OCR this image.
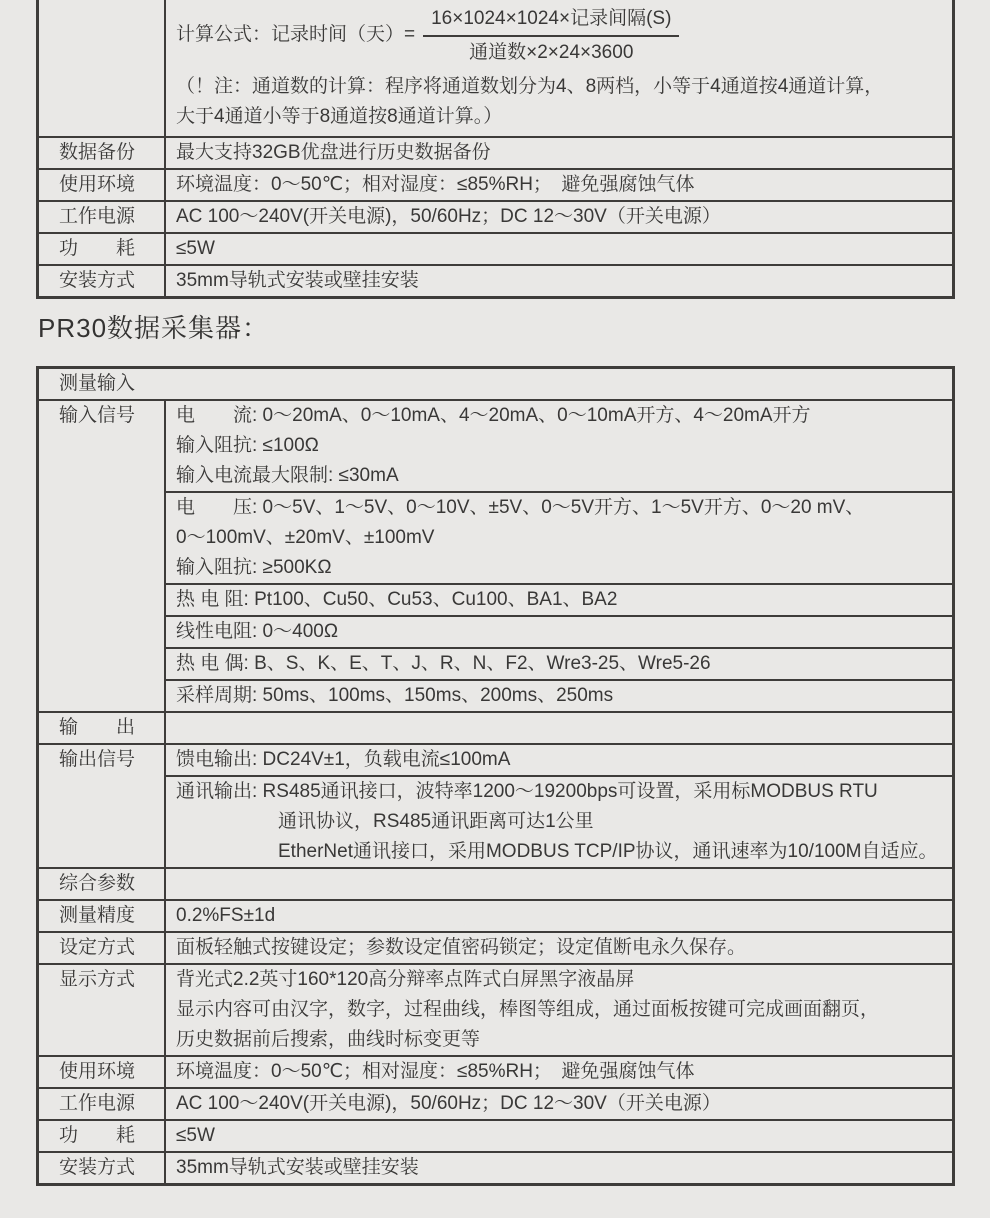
计算公式：记录时间（天）= $\frac{\text{16×1024×1024×记录间隔(S)}}{\text{通道数×2×24×3600}}$
（！注：通道数的计算：程序将通道数划分为4、8两档，小等于4通道按4通道计算，
大于4通道小等于8通道按8通道计算。）
数据备份	最大支持32GB优盘进行历史数据备份
使用环境	环境温度：0～50℃；相对湿度：≤85%RH；　避免强腐蚀气体
工作电源	AC 100～240V(开关电源)，50/60Hz；DC 12～30V（开关电源）
功　　耗	≤5W
安装方式	35mm导轨式安装或壁挂安装
PR30数据采集器：
测量输入
输入信号	电　　流: 0～20mA、0～10mA、4～20mA、0～10mA开方、4～20mA开方
输入阻抗: ≤100Ω
输入电流最大限制: ≤30mA
电　　压: 0～5V、1～5V、0～10V、±5V、0～5V开方、1～5V开方、0～20 mV、
0～100mV、±20mV、±100mV
输入阻抗: ≥500KΩ
热 电 阻: Pt100、Cu50、Cu53、Cu100、BA1、BA2
线性电阻: 0～400Ω
热 电 偶: B、S、K、E、T、J、R、N、F2、Wre3-25、Wre5-26
采样周期: 50ms、100ms、150ms、200ms、250ms
输　　出
输出信号	馈电输出: DC24V±1，负载电流≤100mA
通讯输出: RS485通讯接口，波特率1200～19200bps可设置，采用标MODBUS RTU
通讯协议，RS485通讯距离可达1公里
EtherNet通讯接口，采用MODBUS TCP/IP协议，通讯速率为10/100M自适应。
综合参数
测量精度	0.2%FS±1d
设定方式	面板轻触式按键设定；参数设定值密码锁定；设定值断电永久保存。
显示方式	背光式2.2英寸160*120高分辩率点阵式白屏黑字液晶屏
显示内容可由汉字，数字，过程曲线，棒图等组成，通过面板按键可完成画面翻页，
历史数据前后搜索，曲线时标变更等
使用环境	环境温度：0～50℃；相对湿度：≤85%RH；　避免强腐蚀气体
工作电源	AC 100～240V(开关电源)，50/60Hz；DC 12～30V（开关电源）
功　　耗	≤5W
安装方式	35mm导轨式安装或壁挂安装
